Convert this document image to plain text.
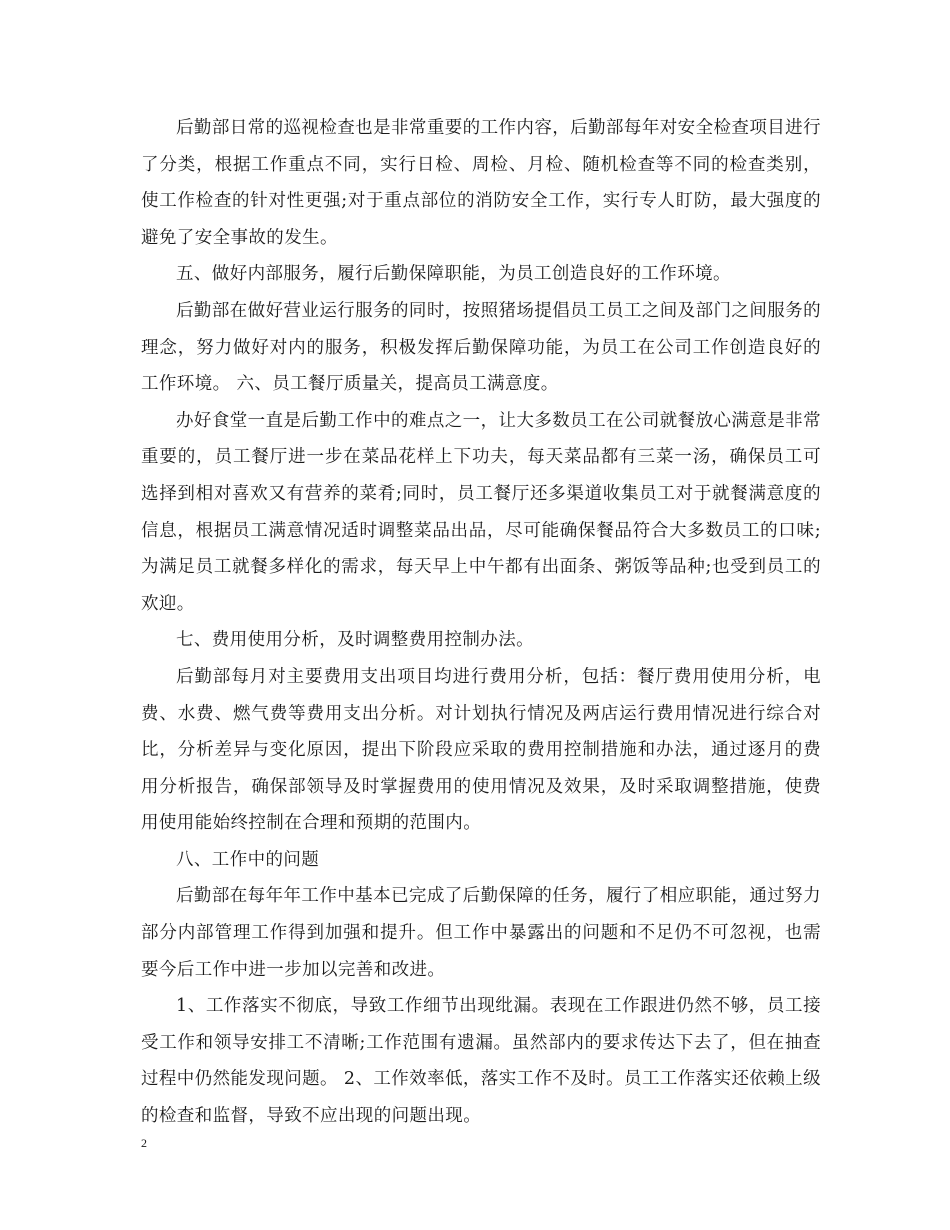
后勤部日常的巡视检查也是非常重要的工作内容，后勤部每年对安全检查项目进行了分类，根据工作重点不同，实行日检、周检、月检、随机检查等不同的检查类别，使工作检查的针对性更强;对于重点部位的消防安全工作，实行专人盯防，最大强度的避免了安全事故的发生。

五、做好内部服务，履行后勤保障职能，为员工创造良好的工作环境。

后勤部在做好营业运行服务的同时，按照猪场提倡员工员工之间及部门之间服务的理念，努力做好对内的服务，积极发挥后勤保障功能，为员工在公司工作创造良好的工作环境。 六、员工餐厅质量关，提高员工满意度。

办好食堂一直是后勤工作中的难点之一，让大多数员工在公司就餐放心满意是非常重要的，员工餐厅进一步在菜品花样上下功夫，每天菜品都有三菜一汤，确保员工可选择到相对喜欢又有营养的菜肴;同时，员工餐厅还多渠道收集员工对于就餐满意度的信息，根据员工满意情况适时调整菜品出品，尽可能确保餐品符合大多数员工的口味;为满足员工就餐多样化的需求，每天早上中午都有出面条、粥饭等品种;也受到员工的欢迎。

七、费用使用分析，及时调整费用控制办法。

后勤部每月对主要费用支出项目均进行费用分析，包括：餐厅费用使用分析，电费、水费、燃气费等费用支出分析。对计划执行情况及两店运行费用情况进行综合对比，分析差异与变化原因，提出下阶段应采取的费用控制措施和办法，通过逐月的费用分析报告，确保部领导及时掌握费用的使用情况及效果，及时采取调整措施，使费用使用能始终控制在合理和预期的范围内。

八、工作中的问题

后勤部在每年年工作中基本已完成了后勤保障的任务，履行了相应职能，通过努力部分内部管理工作得到加强和提升。但工作中暴露出的问题和不足仍不可忽视，也需要今后工作中进一步加以完善和改进。

1、工作落实不彻底，导致工作细节出现纰漏。表现在工作跟进仍然不够，员工接受工作和领导安排工不清晰;工作范围有遗漏。虽然部内的要求传达下去了，但在抽查过程中仍然能发现问题。 2、工作效率低，落实工作不及时。员工工作落实还依赖上级的检查和监督，导致不应出现的问题出现。

2
